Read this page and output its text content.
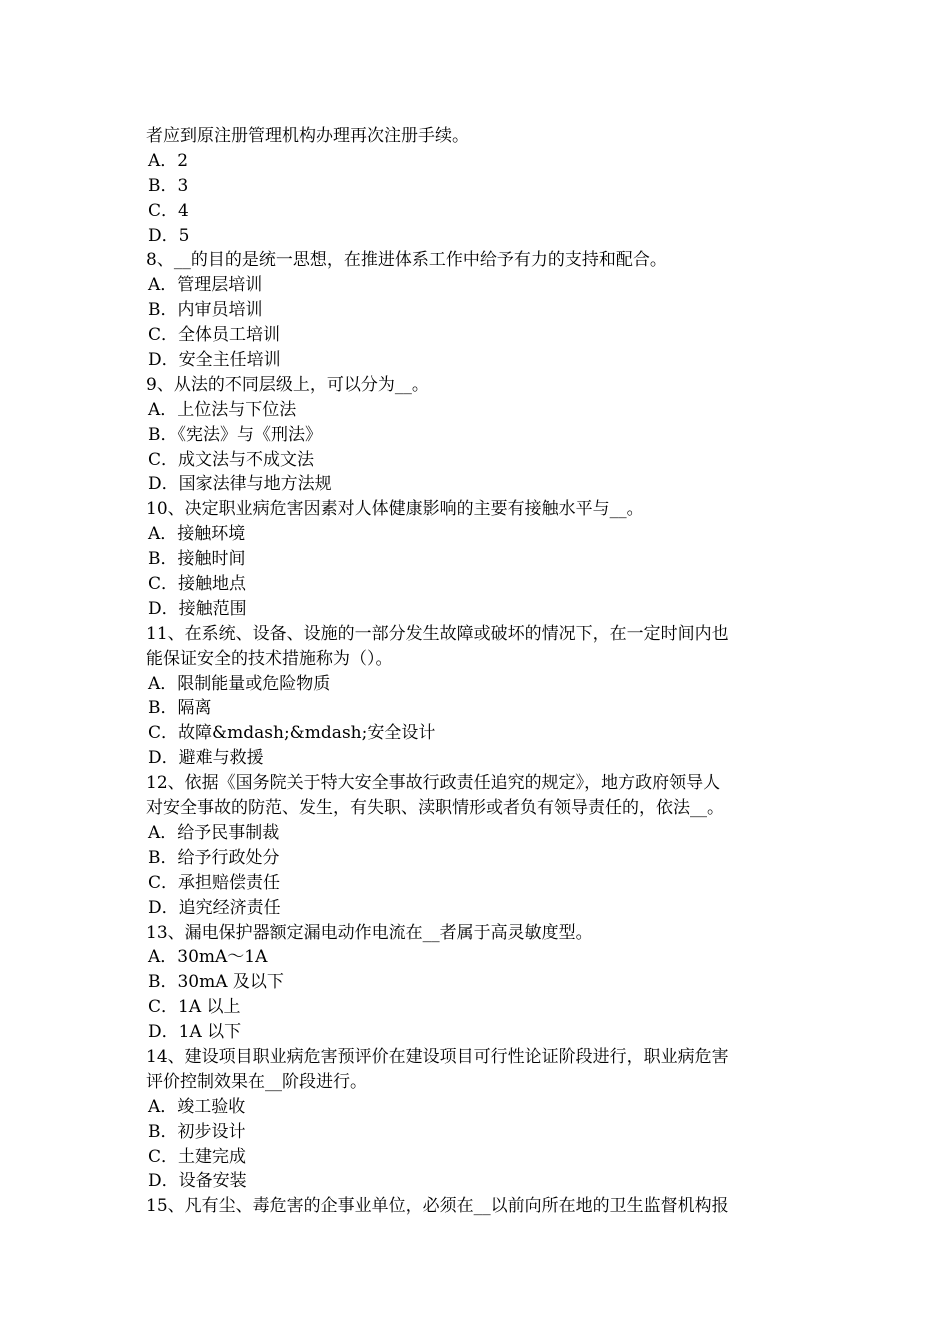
者应到原注册管理机构办理再次注册手续。
A．2
B．3
C．4
D．5
8、__的目的是统一思想，在推进体系工作中给予有力的支持和配合。
A．管理层培训
B．内审员培训
C．全体员工培训
D．安全主任培训
9、从法的不同层级上，可以分为__。
A．上位法与下位法
B．《宪法》与《刑法》
C．成文法与不成文法
D．国家法律与地方法规
10、决定职业病危害因素对人体健康影响的主要有接触水平与__。
A．接触环境
B．接触时间
C．接触地点
D．接触范围
11、在系统、设备、设施的一部分发生故障或破坏的情况下，在一定时间内也
能保证安全的技术措施称为（）。
A．限制能量或危险物质
B．隔离
C．故障&mdash;&mdash;安全设计
D．避难与救援
12、依据《国务院关于特大安全事故行政责任追究的规定》，地方政府领导人
对安全事故的防范、发生，有失职、渎职情形或者负有领导责任的，依法__。
A．给予民事制裁
B．给予行政处分
C．承担赔偿责任
D．追究经济责任
13、漏电保护器额定漏电动作电流在__者属于高灵敏度型。
A．30mA～1A
B．30mA 及以下
C．1A 以上
D．1A 以下
14、建设项目职业病危害预评价在建设项目可行性论证阶段进行，职业病危害
评价控制效果在__阶段进行。
A．竣工验收
B．初步设计
C．土建完成
D．设备安装
15、凡有尘、毒危害的企事业单位，必须在__以前向所在地的卫生监督机构报
